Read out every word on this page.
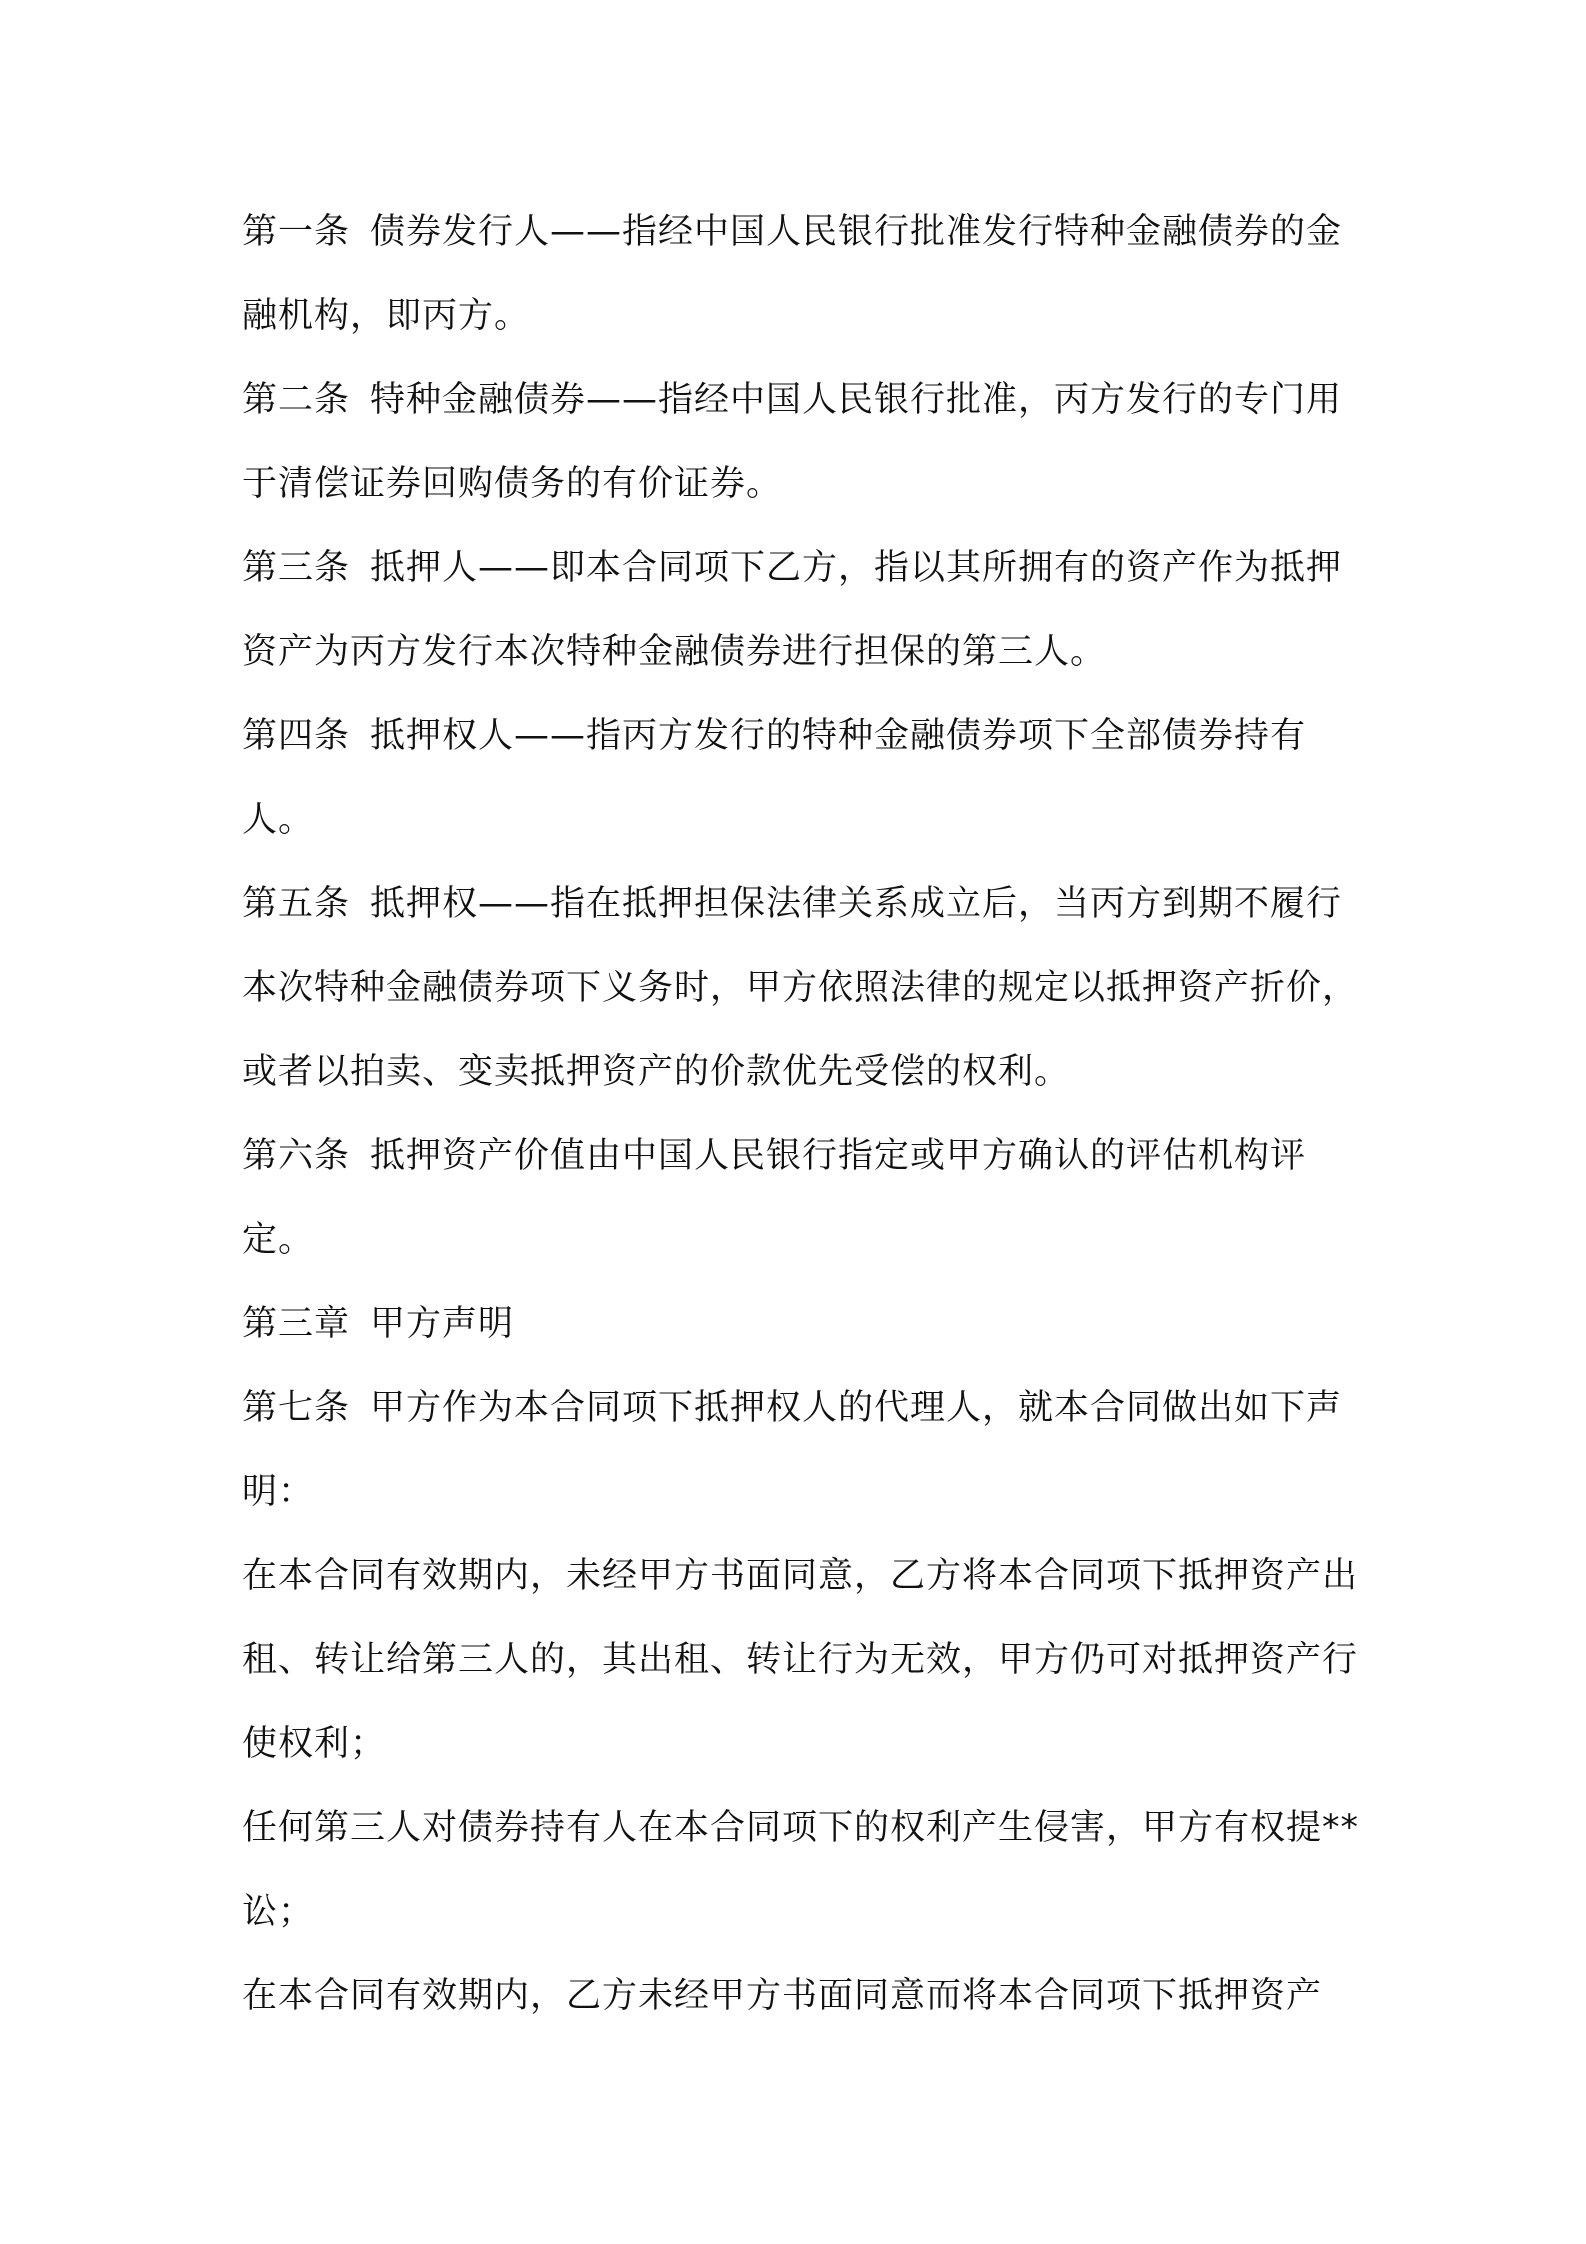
第一条 债券发行人——指经中国人民银行批准发行特种金融债券的金融机构，即丙方。

第二条 特种金融债券——指经中国人民银行批准，丙方发行的专门用于清偿证券回购债务的有价证券。

第三条 抵押人——即本合同项下乙方，指以其所拥有的资产作为抵押资产为丙方发行本次特种金融债券进行担保的第三人。

第四条 抵押权人——指丙方发行的特种金融债券项下全部债券持有人。

第五条 抵押权——指在抵押担保法律关系成立后，当丙方到期不履行本次特种金融债券项下义务时，甲方依照法律的规定以抵押资产折价，或者以拍卖、变卖抵押资产的价款优先受偿的权利。

第六条 抵押资产价值由中国人民银行指定或甲方确认的评估机构评定。

第三章 甲方声明

第七条 甲方作为本合同项下抵押权人的代理人，就本合同做出如下声明：

在本合同有效期内，未经甲方书面同意，乙方将本合同项下抵押资产出租、转让给第三人的，其出租、转让行为无效，甲方仍可对抵押资产行使权利；

任何第三人对债券持有人在本合同项下的权利产生侵害，甲方有权提**讼；

在本合同有效期内，乙方未经甲方书面同意而将本合同项下抵押资产
